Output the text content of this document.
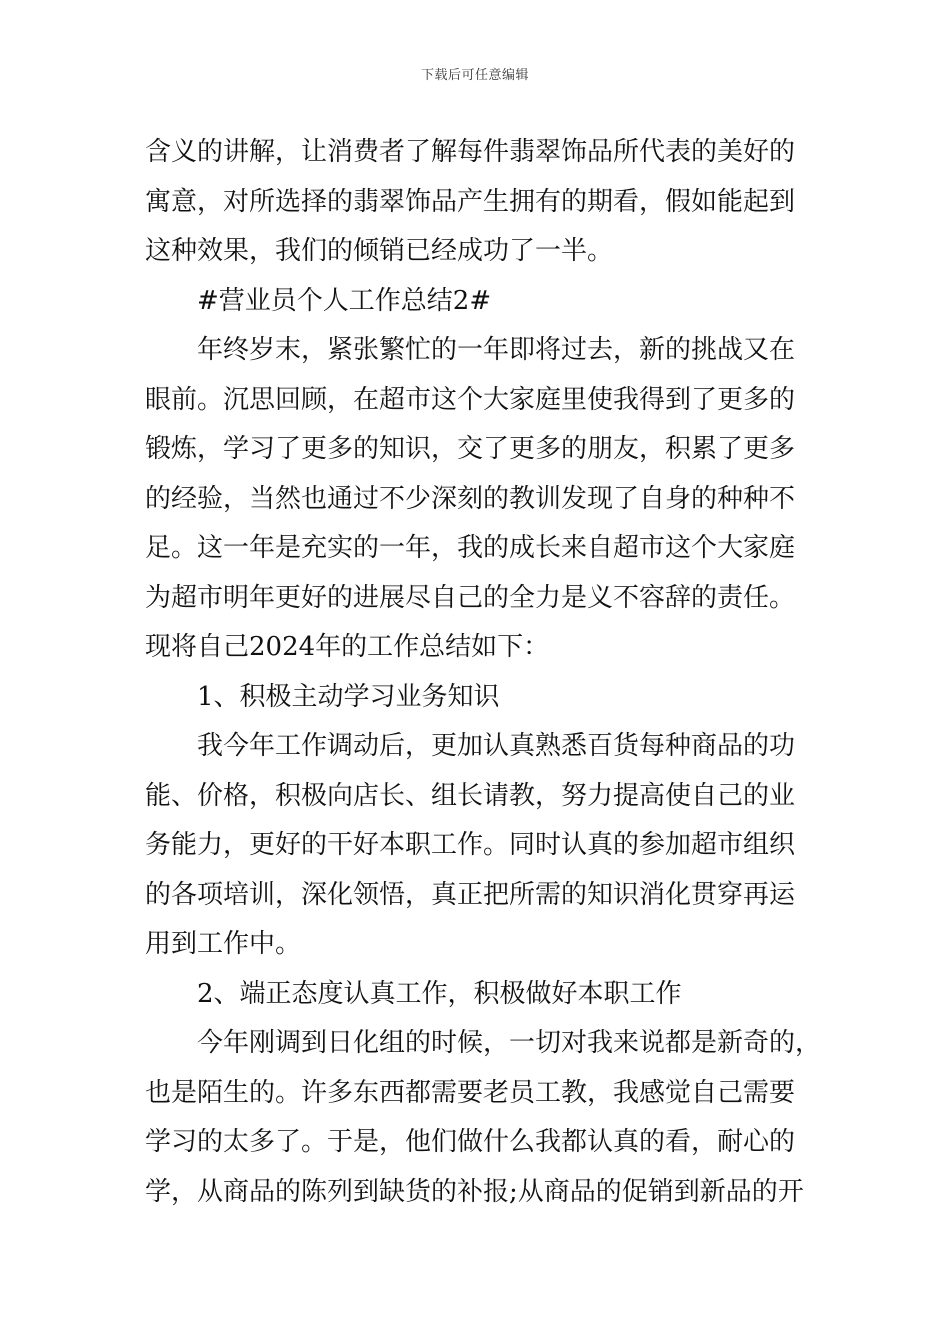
下载后可任意编辑
含义的讲解，让消费者了解每件翡翠饰品所代表的美好的
寓意，对所选择的翡翠饰品产生拥有的期看，假如能起到
这种效果，我们的倾销已经成功了一半。
#营业员个人工作总结2#
年终岁末，紧张繁忙的一年即将过去，新的挑战又在
眼前。沉思回顾，在超市这个大家庭里使我得到了更多的
锻炼，学习了更多的知识，交了更多的朋友，积累了更多
的经验，当然也通过不少深刻的教训发现了自身的种种不
足。这一年是充实的一年，我的成长来自超市这个大家庭
为超市明年更好的进展尽自己的全力是义不容辞的责任。
现将自己2024年的工作总结如下：
1、积极主动学习业务知识
我今年工作调动后，更加认真熟悉百货每种商品的功
能、价格，积极向店长、组长请教，努力提高使自己的业
务能力，更好的干好本职工作。同时认真的参加超市组织
的各项培训，深化领悟，真正把所需的知识消化贯穿再运
用到工作中。
2、端正态度认真工作，积极做好本职工作
今年刚调到日化组的时候，一切对我来说都是新奇的，
也是陌生的。许多东西都需要老员工教，我感觉自己需要
学习的太多了。于是，他们做什么我都认真的看，耐心的
学，从商品的陈列到缺货的补报;从商品的促销到新品的开
